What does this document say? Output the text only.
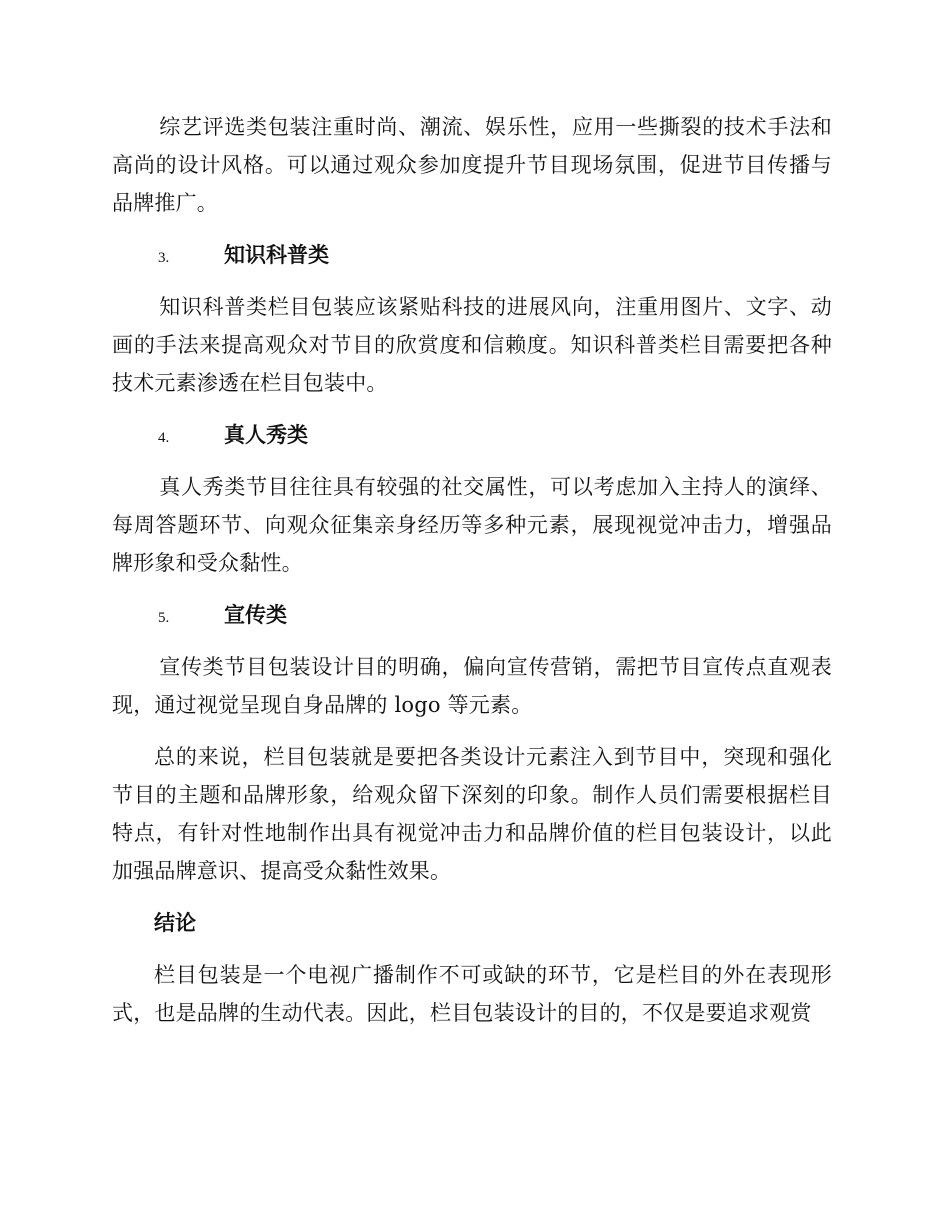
综艺评选类包装注重时尚、潮流、娱乐性，应用一些撕裂的技术手法和高尚的设计风格。可以通过观众参加度提升节目现场氛围，促进节目传播与品牌推广。

3.	知识科普类

知识科普类栏目包装应该紧贴科技的进展风向，注重用图片、文字、动画的手法来提高观众对节目的欣赏度和信赖度。知识科普类栏目需要把各种技术元素渗透在栏目包装中。

4.	真人秀类

真人秀类节目往往具有较强的社交属性，可以考虑加入主持人的演绎、每周答题环节、向观众征集亲身经历等多种元素，展现视觉冲击力，增强品牌形象和受众黏性。

5.	宣传类

宣传类节目包装设计目的明确，偏向宣传营销，需把节目宣传点直观表现，通过视觉呈现自身品牌的 logo 等元素。

总的来说，栏目包装就是要把各类设计元素注入到节目中，突现和强化节目的主题和品牌形象，给观众留下深刻的印象。制作人员们需要根据栏目特点，有针对性地制作出具有视觉冲击力和品牌价值的栏目包装设计，以此加强品牌意识、提高受众黏性效果。

结论

栏目包装是一个电视广播制作不可或缺的环节，它是栏目的外在表现形式，也是品牌的生动代表。因此，栏目包装设计的目的，不仅是要追求观赏
